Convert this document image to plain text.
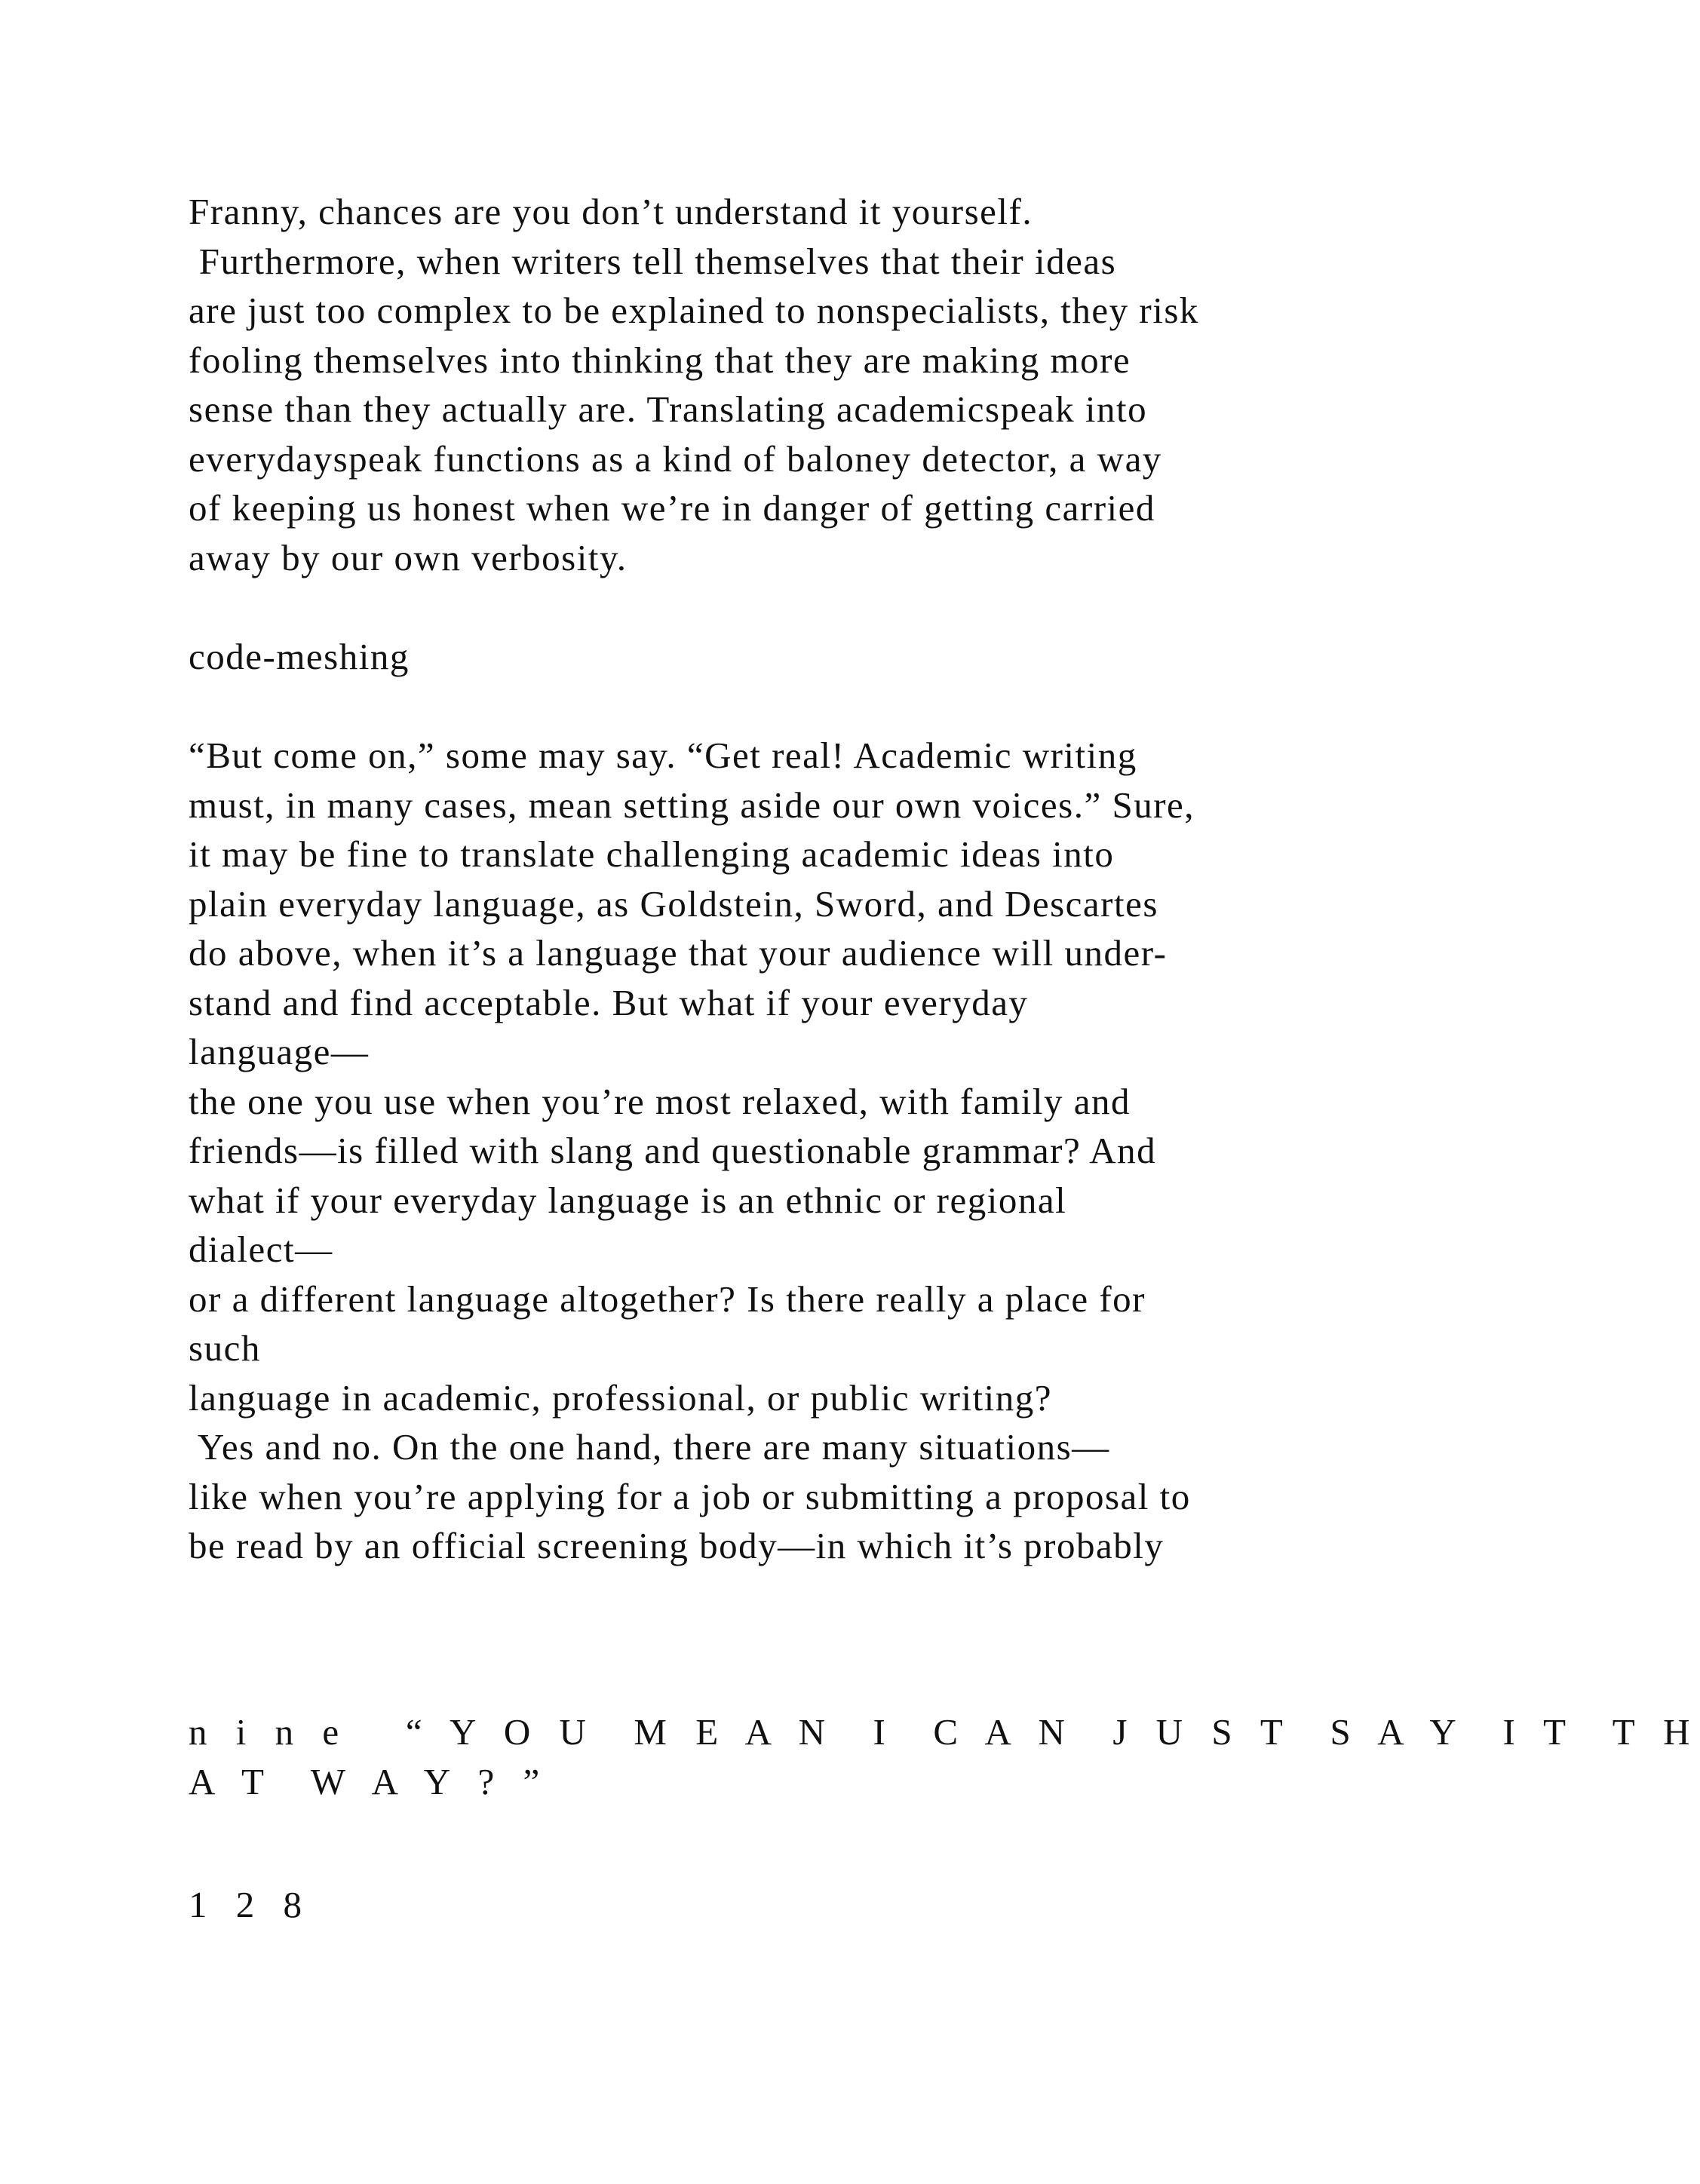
Franny, chances are you don’t understand it yourself.
Furthermore, when writers tell themselves that their ideas
are just too complex to be explained to nonspecialists, they risk
fooling themselves into thinking that they are making more
sense than they actually are. Translating academicspeak into
everydayspeak functions as a kind of baloney detector, a way
of keeping us honest when we’re in danger of getting carried
away by our own verbosity.
code-meshing
“But come on,” some may say. “Get real! Academic writing
must, in many cases, mean setting aside our own voices.” Sure,
it may be fine to translate challenging academic ideas into
plain everyday language, as Goldstein, Sword, and Descartes
do above, when it’s a language that your audience will under-
stand and find acceptable. But what if your everyday
language—
the one you use when you’re most relaxed, with family and
friends—is filled with slang and questionable grammar? And
what if your everyday language is an ethnic or regional
dialect—
or a different language altogether? Is there really a place for
such
language in academic, professional, or public writing?
Yes and no. On the one hand, there are many situations—
like when you’re applying for a job or submitting a proposal to
be read by an official screening body—in which it’s probably
n i n e   “ Y O U  M E A N  I  C A N  J U S T  S A Y  I T  T H
A T  W A Y ? ”
1 2 8
